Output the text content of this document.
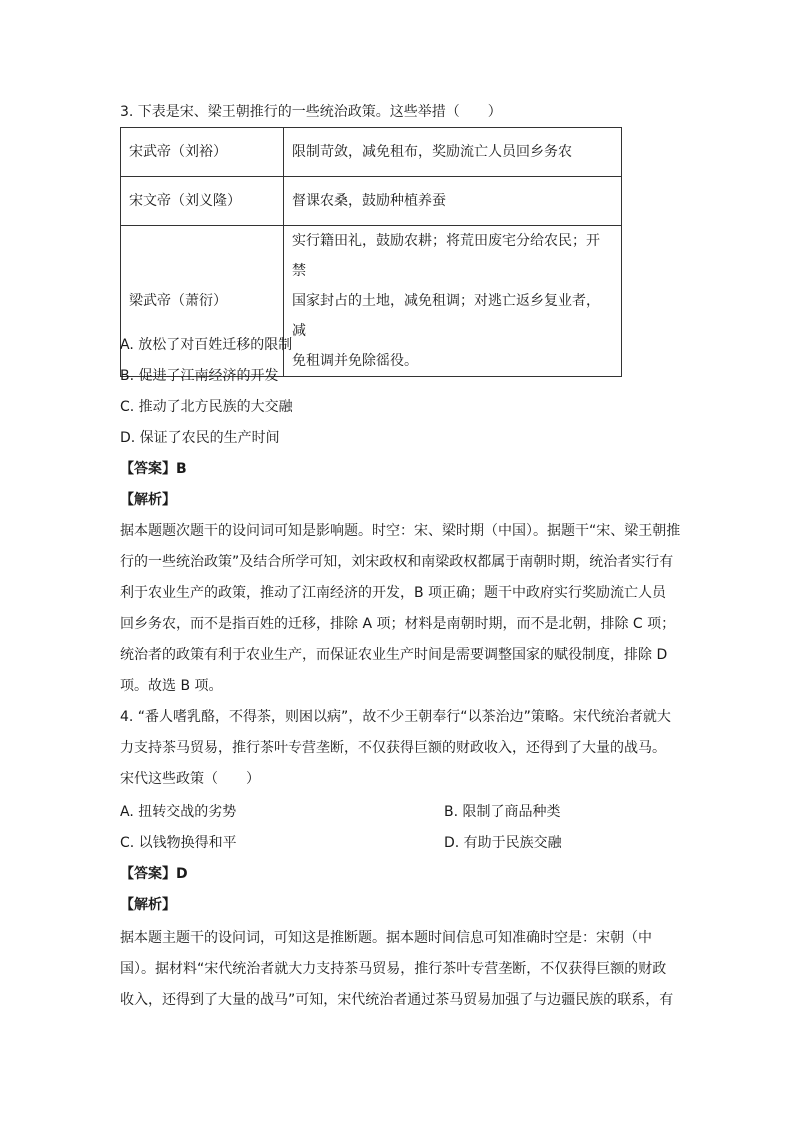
3. 下表是宋、梁王朝推行的一些统治政策。这些举措（　　）
宋武帝（刘裕）	限制苛敛，减免租布，奖励流亡人员回乡务农
宋文帝（刘义隆）	督课农桑，鼓励种植养蚕
梁武帝（萧衍）	实行籍田礼，鼓励农耕；将荒田废宅分给农民；开禁
国家封占的土地，减免租调；对逃亡返乡复业者，减
免租调并免除徭役。
A. 放松了对百姓迁移的限制
B. 促进了江南经济的开发
C. 推动了北方民族的大交融
D. 保证了农民的生产时间
【答案】B
【解析】
据本题题次题干的设问词可知是影响题。时空：宋、梁时期（中国）。据题干“宋、梁王朝推
行的一些统治政策”及结合所学可知，刘宋政权和南梁政权都属于南朝时期，统治者实行有
利于农业生产的政策，推动了江南经济的开发，B 项正确；题干中政府实行奖励流亡人员
回乡务农，而不是指百姓的迁移，排除 A 项；材料是南朝时期，而不是北朝，排除 C 项；
统治者的政策有利于农业生产，而保证农业生产时间是需要调整国家的赋役制度，排除 D
项。故选 B 项。
4. “番人嗜乳酪，不得茶，则困以病”，故不少王朝奉行“以茶治边”策略。宋代统治者就大
力支持茶马贸易，推行茶叶专营垄断，不仅获得巨额的财政收入，还得到了大量的战马。
宋代这些政策（　　）
A. 扭转交战的劣势	B. 限制了商品种类
C. 以钱物换得和平	D. 有助于民族交融
【答案】D
【解析】
据本题主题干的设问词，可知这是推断题。据本题时间信息可知准确时空是：宋朝（中
国）。据材料“宋代统治者就大力支持茶马贸易，推行茶叶专营垄断，不仅获得巨额的财政
收入，还得到了大量的战马”可知，宋代统治者通过茶马贸易加强了与边疆民族的联系，有
